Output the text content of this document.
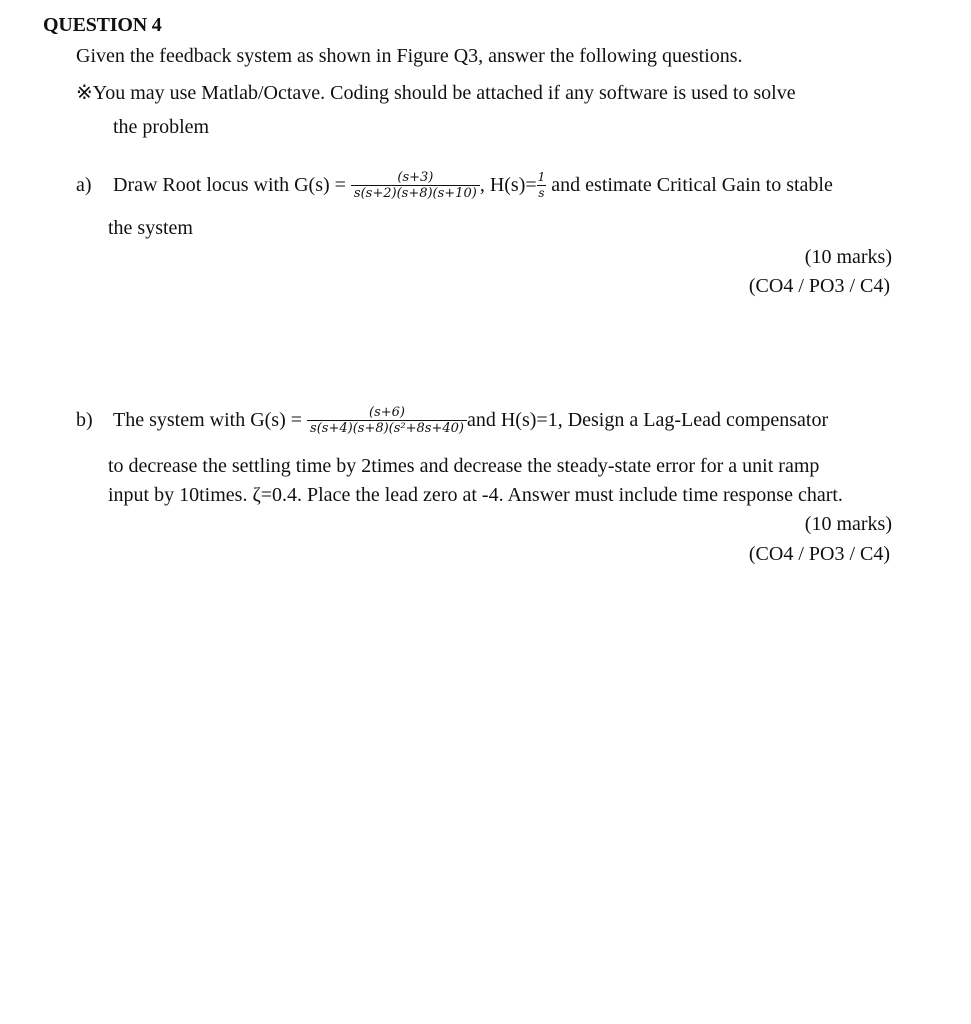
QUESTION 4
Given the feedback system as shown in Figure Q3, answer the following questions.
※You may use Matlab/Octave. Coding should be attached if any software is used to solve
the problem
a) Draw Root locus with $G(s) = \frac{(s+3)}{s(s+2)(s+8)(s+10)}$ , $H(s)= \frac{1}{s}$ and estimate Critical Gain to stable
the system
(10 marks)
(CO4 / PO3 / C4)
b) The system with $G(s) = \frac{(s+6)}{\text{s(s+4)(s+8)(s²+8s+40)}}$ and H(s)=1, Design a Lag-Lead compensator
to decrease the settling time by 2times and decrease the steady-state error for a unit ramp
input by 10times. ζ=0.4. Place the lead zero at -4. Answer must include time response chart.
(10 marks)
(CO4 / PO3 / C4)
